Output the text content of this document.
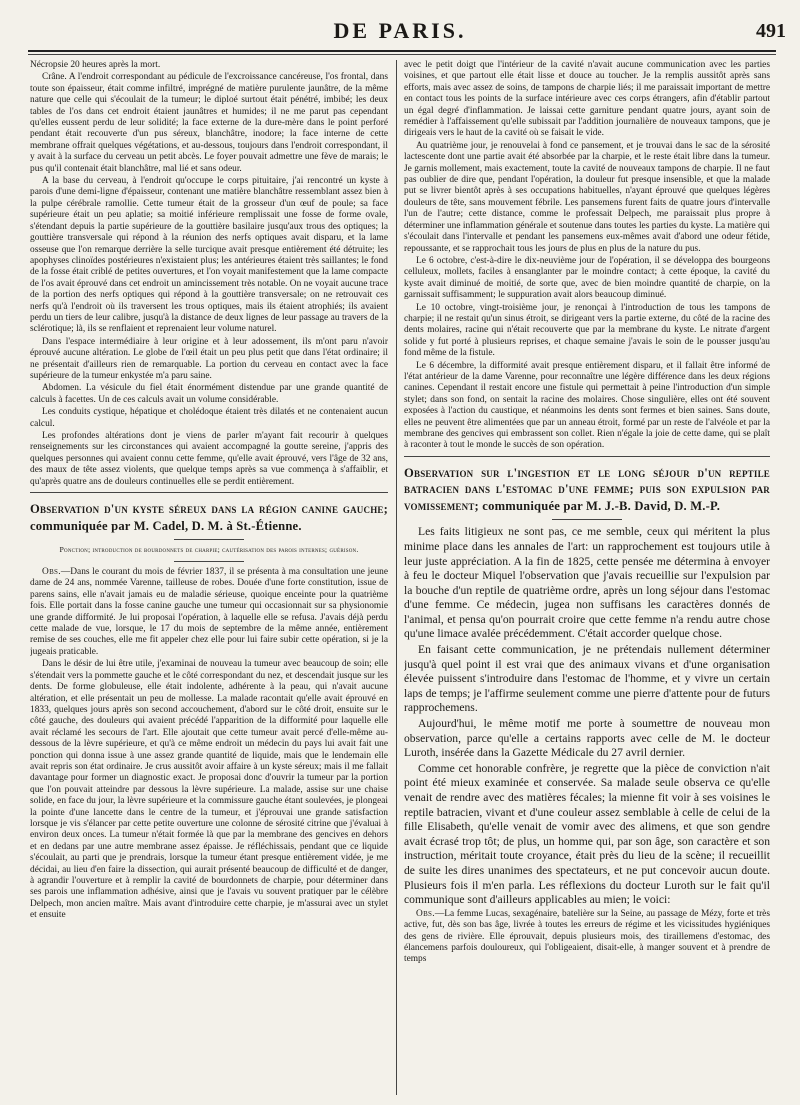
DE PARIS.	491

Nécropsie 20 heures après la mort.

Crâne. A l'endroit correspondant au pédicule de l'excroissance cancéreuse, l'os frontal, dans toute son épaisseur, était comme infiltré, imprégné de matière purulente jaunâtre, de la même nature que celle qui s'écoulait de la tumeur; le diploé surtout était pénétré, imbibé; les deux tables de l'os dans cet endroit étaient jaunâtres et humides; il ne me parut pas cependant qu'elles eussent perdu de leur solidité; la face externe de la dure-mère dans le point perforé pendant était recouverte d'un pus séreux, blanchâtre, inodore; la face interne de cette membrane offrait quelques végétations, et au-dessous, toujours dans l'endroit correspondant, il y avait à la surface du cerveau un petit abcès. Le foyer pouvait admettre une fève de marais; le pus qu'il contenait était blanchâtre, mal lié et sans odeur.

A la base du cerveau, à l'endroit qu'occupe le corps pituitaire, j'ai rencontré un kyste à parois d'une demi-ligne d'épaisseur, contenant une matière blanchâtre ressemblant assez bien à la pulpe cérébrale ramollie. Cette tumeur était de la grosseur d'un œuf de poule; sa face supérieure était un peu aplatie; sa moitié inférieure remplissait une fosse de forme ovale, s'étendant depuis la partie supérieure de la gouttière basilaire jusqu'aux trous des optiques; la gouttière transversale qui répond à la réunion des nerfs optiques avait disparu, et la lame osseuse que l'on remarque derrière la selle turcique avait presque entièrement été détruite; les apophyses clinoïdes postérieures n'existaient plus; les antérieures étaient très saillantes; le fond de la fosse était criblé de petites ouvertures, et l'on voyait manifestement que la lame compacte de l'os avait éprouvé dans cet endroit un amincissement très notable. On ne voyait aucune trace de la portion des nerfs optiques qui répond à la gouttière transversale; on ne retrouvait ces nerfs qu'à l'endroit où ils traversent les trous optiques, mais ils étaient atrophiés; ils avaient perdu un tiers de leur calibre, jusqu'à la distance de deux lignes de leur passage au travers de la sclérotique; là, ils se renflaient et reprenaient leur volume naturel.

Dans l'espace intermédiaire à leur origine et à leur adossement, ils m'ont paru n'avoir éprouvé aucune altération. Le globe de l'œil était un peu plus petit que dans l'état ordinaire; il ne présentait d'ailleurs rien de remarquable. La portion du cerveau en contact avec la face supérieure de la tumeur enkystée m'a paru saine.

Abdomen. La vésicule du fiel était énormément distendue par une grande quantité de calculs à facettes. Un de ces calculs avait un volume considérable.

Les conduits cystique, hépatique et cholédoque étaient très dilatés et ne contenaient aucun calcul.

Les profondes altérations dont je viens de parler m'ayant fait recourir à quelques renseignements sur les circonstances qui avaient accompagné la goutte sereine, j'appris des quelques personnes qui avaient connu cette femme, qu'elle avait éprouvé, vers l'âge de 32 ans, des maux de tête assez violents, que quelque temps après sa vue commença à s'affaiblir, et qu'après quatre ans de douleurs continuelles elle se perdit entièrement.

Observation d'un kyste séreux dans la région canine gauche; communiquée par M. Cadel, D. M. à St.-Étienne.
Ponction; introduction de bourdonnets de charpie; cautérisation des parois internes; guérison.

Obs.—Dans le courant du mois de février 1837, il se présenta à ma consultation une jeune dame de 24 ans, nommée Varenne, tailleuse de robes. Douée d'une forte constitution, issue de parens sains, elle n'avait jamais eu de maladie sérieuse, quoique enceinte pour la quatrième fois. Elle portait dans la fosse canine gauche une tumeur qui occasionnait sur sa physionomie une grande difformité. Je lui proposai l'opération, à laquelle elle se refusa. J'avais déjà perdu cette malade de vue, lorsque, le 17 du mois de septembre de la même année, entièrement remise de ses couches, elle me fit appeler chez elle pour lui faire subir cette opération, si je la jugeais praticable.

Dans le désir de lui être utile, j'examinai de nouveau la tumeur avec beaucoup de soin; elle s'étendait vers la pommette gauche et le côté correspondant du nez, et descendait jusque sur les dents. De forme globuleuse, elle était indolente, adhérente à la peau, qui n'avait aucune altération, et elle présentait un peu de mollesse. La malade racontait qu'elle avait éprouvé en 1833, quelques jours après son second accouchement, d'abord sur le côté droit, ensuite sur le côté gauche, des douleurs qui avaient précédé l'apparition de la difformité pour laquelle elle avait réclamé les secours de l'art. Elle ajoutait que cette tumeur avait percé d'elle-même au-dessous de la lèvre supérieure, et qu'à ce même endroit un médecin du pays lui avait fait une ponction qui donna issue à une assez grande quantité de liquide, mais que le lendemain elle avait repris son état ordinaire. Je crus aussitôt avoir affaire à un kyste séreux; mais il me fallait davantage pour former un diagnostic exact. Je proposai donc d'ouvrir la tumeur par la portion que l'on pouvait atteindre par dessous la lèvre supérieure. La malade, assise sur une chaise solide, en face du jour, la lèvre supérieure et la commissure gauche étant soulevées, je plongeai la pointe d'une lancette dans le centre de la tumeur, et j'éprouvai une grande satisfaction lorsque je vis s'élancer par cette petite ouverture une colonne de sérosité citrine que j'évaluai à environ deux onces. La tumeur n'était formée là que par la membrane des gencives en dehors et en dedans par une autre membrane assez épaisse. Je réfléchissais, pendant que ce liquide s'écoulait, au parti que je prendrais, lorsque la tumeur étant presque entièrement vidée, je me décidai, au lieu d'en faire la dissection, qui aurait présenté beaucoup de difficulté et de danger, à agrandir l'ouverture et à remplir la cavité de bourdonnets de charpie, pour déterminer dans ses parois une inflammation adhésive, ainsi que je l'avais vu souvent pratiquer par le célèbre Delpech, mon ancien maître. Mais avant d'introduire cette charpie, je m'assurai avec un stylet et ensuite

avec le petit doigt que l'intérieur de la cavité n'avait aucune communication avec les parties voisines, et que partout elle était lisse et douce au toucher. Je la remplis aussitôt après sans efforts, mais avec assez de soins, de tampons de charpie liés; il me paraissait important de mettre en contact tous les points de la surface intérieure avec ces corps étrangers, afin d'établir partout un égal degré d'inflammation. Je laissai cette garniture pendant quatre jours, ayant soin de remédier à l'affaissement qu'elle subissait par l'addition journalière de nouveaux tampons, que je dirigeais vers le haut de la cavité où se faisait le vide.

Au quatrième jour, je renouvelai à fond ce pansement, et je trouvai dans le sac de la sérosité lactescente dont une partie avait été absorbée par la charpie, et le reste était libre dans la tumeur. Je garnis mollement, mais exactement, toute la cavité de nouveaux tampons de charpie. Il ne faut pas oublier de dire que, pendant l'opération, la douleur fut presque insensible, et que la malade put se livrer bientôt après à ses occupations habituelles, n'ayant éprouvé que quelques légères douleurs de tête, sans mouvement fébrile. Les pansemens furent faits de quatre jours d'intervalle l'un de l'autre; cette distance, comme le professait Delpech, me paraissait plus propre à déterminer une inflammation générale et soutenue dans toutes les parties du kyste. La matière qui s'écoulait dans l'intervalle et pendant les pansemens eux-mêmes avait d'abord une odeur fétide, repoussante, et se rapprochait tous les jours de plus en plus de la nature du pus.

Le 6 octobre, c'est-à-dire le dix-neuvième jour de l'opération, il se développa des bourgeons celluleux, mollets, faciles à ensanglanter par le moindre contact; à cette époque, la cavité du kyste avait diminué de moitié, de sorte que, avec de bien moindre quantité de charpie, on la garnissait suffisamment; le suppuration avait alors beaucoup diminué.

Le 10 octobre, vingt-troisième jour, je renonçai à l'introduction de tous les tampons de charpie; il ne restait qu'un sinus étroit, se dirigeant vers la partie externe, du côté de la racine des dents molaires, racine qui n'était recouverte que par la membrane du kyste. Le nitrate d'argent solide y fut porté à plusieurs reprises, et chaque semaine j'avais le soin de le pousser jusqu'au fond même de la fistule.

Le 6 décembre, la difformité avait presque entièrement disparu, et il fallait être informé de l'état antérieur de la dame Varenne, pour reconnaître une légère différence dans les deux régions canines. Cependant il restait encore une fistule qui permettait à peine l'introduction d'un simple stylet; dans son fond, on sentait la racine des molaires. Chose singulière, elles ont été souvent exposées à l'action du caustique, et néanmoins les dents sont fermes et bien saines. Sans doute, elles ne peuvent être alimentées que par un anneau étroit, formé par un reste de l'alvéole et par la membrane des gencives qui embrassent son collet. Rien n'égale la joie de cette dame, qui se plaît à raconter à tout le monde le succès de son opération.

Observation sur l'ingestion et le long séjour d'un reptile batracien dans l'estomac d'une femme; puis son expulsion par vomissement; communiquée par M. J.-B. David, D. M.-P.

Les faits litigieux ne sont pas, ce me semble, ceux qui méritent la plus minime place dans les annales de l'art: un rapprochement est toujours utile à leur juste appréciation. A la fin de 1825, cette pensée me détermina à envoyer à feu le docteur Miquel l'observation que j'avais recueillie sur l'expulsion par la bouche d'un reptile de quatrième ordre, après un long séjour dans l'estomac d'une femme. Ce médecin, jugea non suffisans les caractères donnés de l'animal, et pensa qu'on pourrait croire que cette femme n'a rendu autre chose qu'une limace avalée précédemment. C'était accorder quelque chose.

En faisant cette communication, je ne prétendais nullement déterminer jusqu'à quel point il est vrai que des animaux vivans et d'une organisation élevée puissent s'introduire dans l'estomac de l'homme, et y vivre un certain laps de temps; je l'affirme seulement comme une pierre d'attente pour de futurs rapprochemens.

Aujourd'hui, le même motif me porte à soumettre de nouveau mon observation, parce qu'elle a certains rapports avec celle de M. le docteur Luroth, insérée dans la Gazette Médicale du 27 avril dernier.

Comme cet honorable confrère, je regrette que la pièce de conviction n'ait point été mieux examinée et conservée. Sa malade seule observa ce qu'elle venait de rendre avec des matières fécales; la mienne fit voir à ses voisines le reptile batracien, vivant et d'une couleur assez semblable à celle de celui de la fille Elisabeth, qu'elle venait de vomir avec des alimens, et que son gendre avait écrasé trop tôt; de plus, un homme qui, par son âge, son caractère et son instruction, méritait toute croyance, était près du lieu de la scène; il recueillit de suite les dires unanimes des spectateurs, et ne put concevoir aucun doute. Plusieurs fois il m'en parla. Les réflexions du docteur Luroth sur le fait qu'il communique sont d'ailleurs applicables au mien; le voici:

Obs.—La femme Lucas, sexagénaire, batelière sur la Seine, au passage de Mézy, forte et très active, fut, dès son bas âge, livrée à toutes les erreurs de régime et les vicissitudes hygiéniques des gens de rivière. Elle éprouvait, depuis plusieurs mois, des tiraillemens d'estomac, des élancemens parfois douloureux, qui l'obligeaient, disait-elle, à manger souvent et à prendre de temps
